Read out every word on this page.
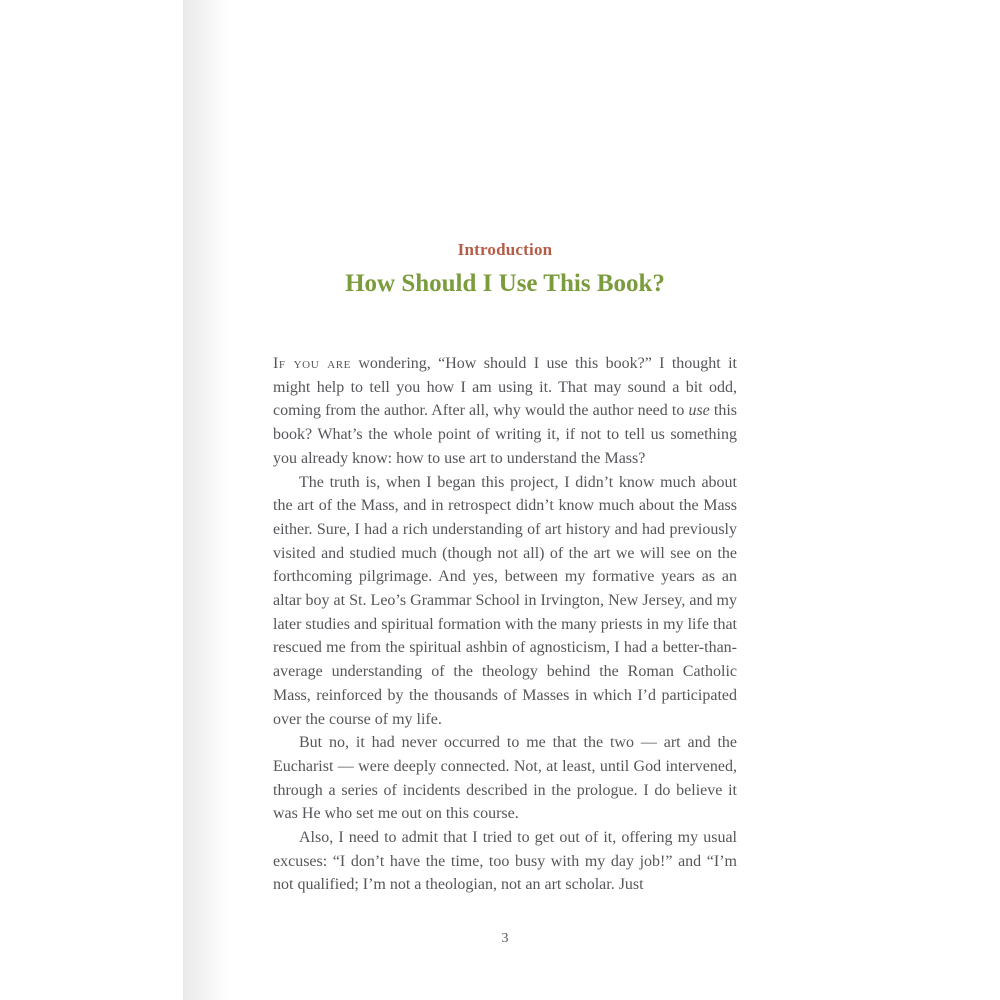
Introduction
How Should I Use This Book?

If you are wondering, “How should I use this book?” I thought it might help to tell you how I am using it. That may sound a bit odd, coming from the author. After all, why would the author need to use this book? What’s the whole point of writing it, if not to tell us something you already know: how to use art to understand the Mass?

The truth is, when I began this project, I didn’t know much about the art of the Mass, and in retrospect didn’t know much about the Mass either. Sure, I had a rich understanding of art history and had previously visited and studied much (though not all) of the art we will see on the forthcoming pilgrimage. And yes, between my formative years as an altar boy at St. Leo’s Grammar School in Irvington, New Jersey, and my later studies and spiritual formation with the many priests in my life that rescued me from the spiritual ashbin of agnosticism, I had a better-than-average understanding of the theology behind the Roman Catholic Mass, reinforced by the thousands of Masses in which I’d participated over the course of my life.

But no, it had never occurred to me that the two — art and the Eucharist — were deeply connected. Not, at least, until God intervened, through a series of incidents described in the prologue. I do believe it was He who set me out on this course.

Also, I need to admit that I tried to get out of it, offering my usual excuses: “I don’t have the time, too busy with my day job!” and “I’m not qualified; I’m not a theologian, not an art scholar. Just

3
